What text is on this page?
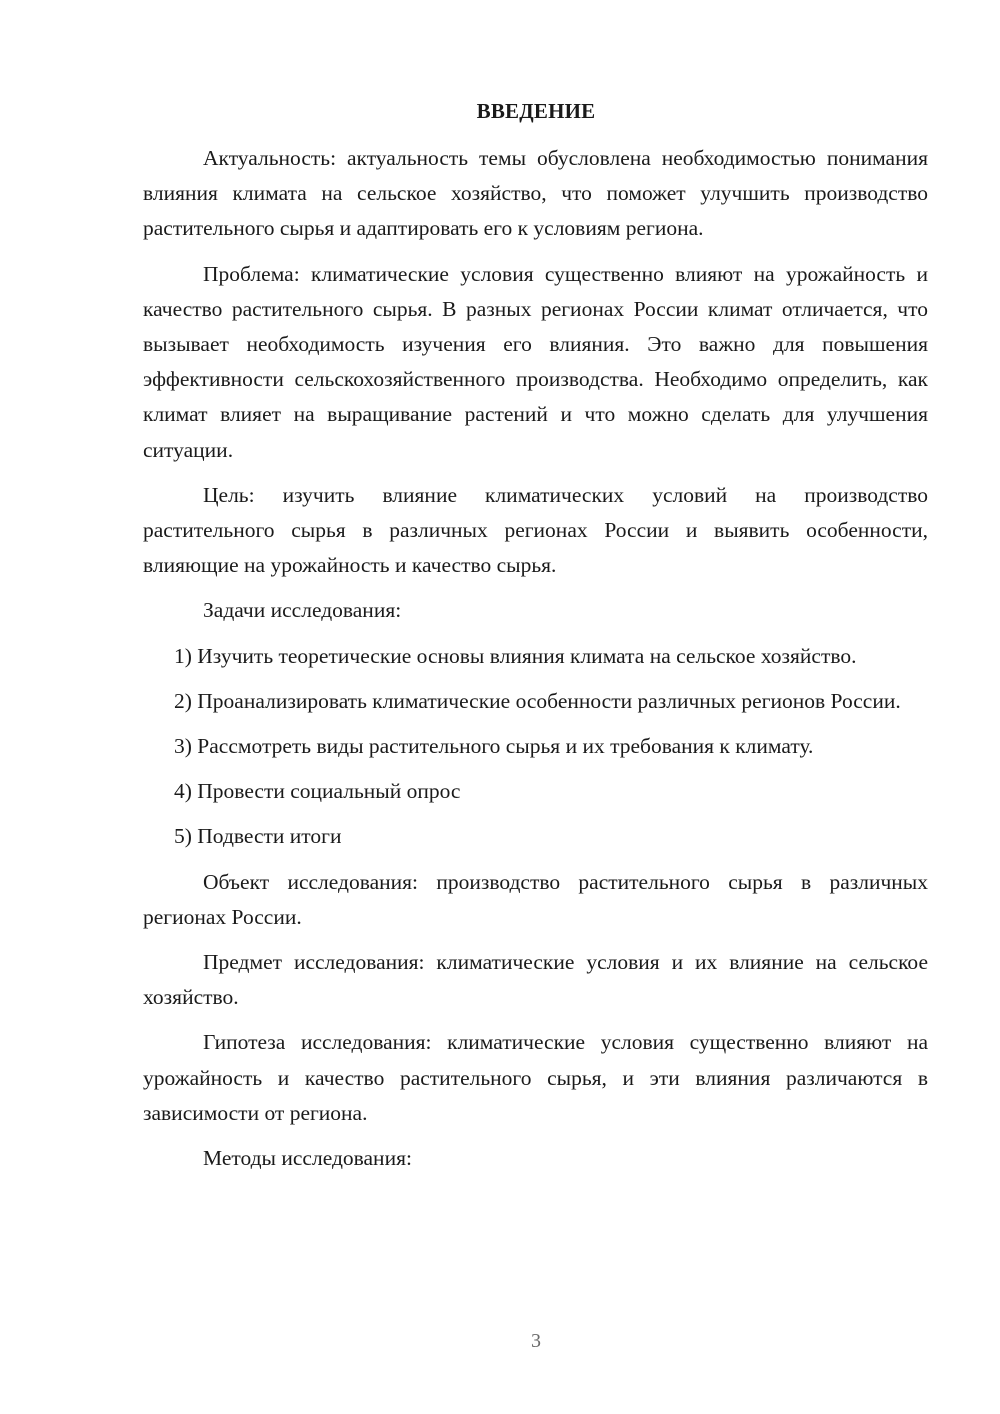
ВВЕДЕНИЕ

Актуальность: актуальность темы обусловлена необходимостью понимания влияния климата на сельское хозяйство, что поможет улучшить производство растительного сырья и адаптировать его к условиям региона.

Проблема: климатические условия существенно влияют на урожайность и качество растительного сырья. В разных регионах России климат отличается, что вызывает необходимость изучения его влияния. Это важно для повышения эффективности сельскохозяйственного производства. Необходимо определить, как климат влияет на выращивание растений и что можно сделать для улучшения ситуации.

Цель: изучить влияние климатических условий на производство растительного сырья в различных регионах России и выявить особенности, влияющие на урожайность и качество сырья.

Задачи исследования:

1) Изучить теоретические основы влияния климата на сельское хозяйство.

2) Проанализировать климатические особенности различных регионов России.

3) Рассмотреть виды растительного сырья и их требования к климату.

4) Провести социальный опрос

5) Подвести итоги

Объект исследования: производство растительного сырья в различных регионах России.

Предмет исследования: климатические условия и их влияние на сельское хозяйство.

Гипотеза исследования: климатические условия существенно влияют на урожайность и качество растительного сырья, и эти влияния различаются в зависимости от региона.

Методы исследования:

3
